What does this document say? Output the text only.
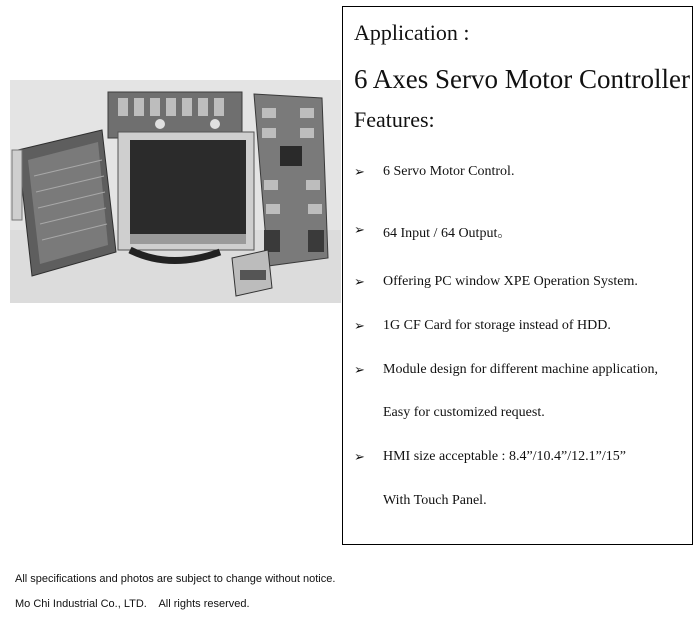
Application :
6 Axes Servo Motor Controller
Features:
➢ 6 Servo Motor Control.
➢ 64 Input / 64 Output。
➢ Offering PC window XPE Operation System.
➢ 1G CF Card for storage instead of HDD.
➢ Module design for different machine application,
Easy for customized request.
➢ HMI size acceptable : 8.4”/10.4”/12.1”/15”
With Touch Panel.
All specifications and photos are subject to change without notice.
Mo Chi Industrial Co., LTD.    All rights reserved.
